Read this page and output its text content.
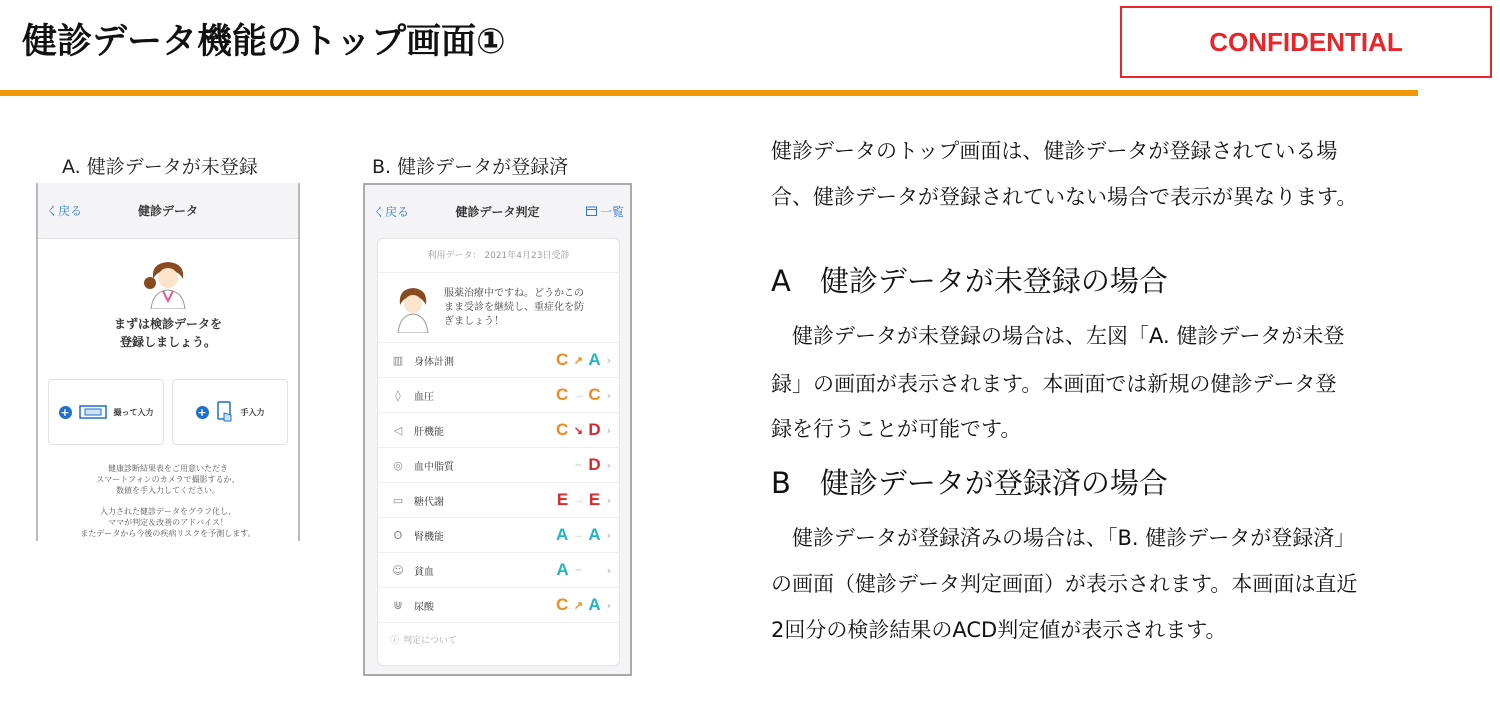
健診データ機能のトップ画面①	CONFIDENTIAL
A. 健診データが未登録	B. 健診データが登録済
く戻る	健診データ
まずは検診データを
登録しましょう。
+	撮って入力	+	手入力

健康診断結果表をご用意いただき
スマートフォンのカメラで撮影するか、
数値を手入力してください。

入力された健診データをグラフ化し、
ママが判定＆改善のアドバイス！
またデータから今後の疾病リスクを予測します。

く戻る	健診データ判定	一覧
利用データ： 2021年4月23日受診
服薬治療中ですね。どうかこのまま受診を継続し、重症化を防ぎましょう！
▥	身体計測	C ↗ A ›
◊	血圧	C → C ›
◁	肝機能	C ↘ D ›
◎	血中脂質	– D ›
▭	糖代謝	E → E ›
ʘ	腎機能	A → A ›
☺	貧血	A – ›
⋓	尿酸	C ↗ A ›
ⓘ 判定について
健診データのトップ画面は、健診データが登録されている場
合、健診データが登録されていない場合で表示が異なります。
A　健診データが未登録の場合
　健診データが未登録の場合は、左図「A. 健診データが未登
録」の画面が表示されます。本画面では新規の健診データ登
録を行うことが可能です。
B　健診データが登録済の場合
　健診データが登録済みの場合は、「B. 健診データが登録済」
の画面（健診データ判定画面）が表示されます。本画面は直近
2回分の検診結果のACD判定値が表示されます。
